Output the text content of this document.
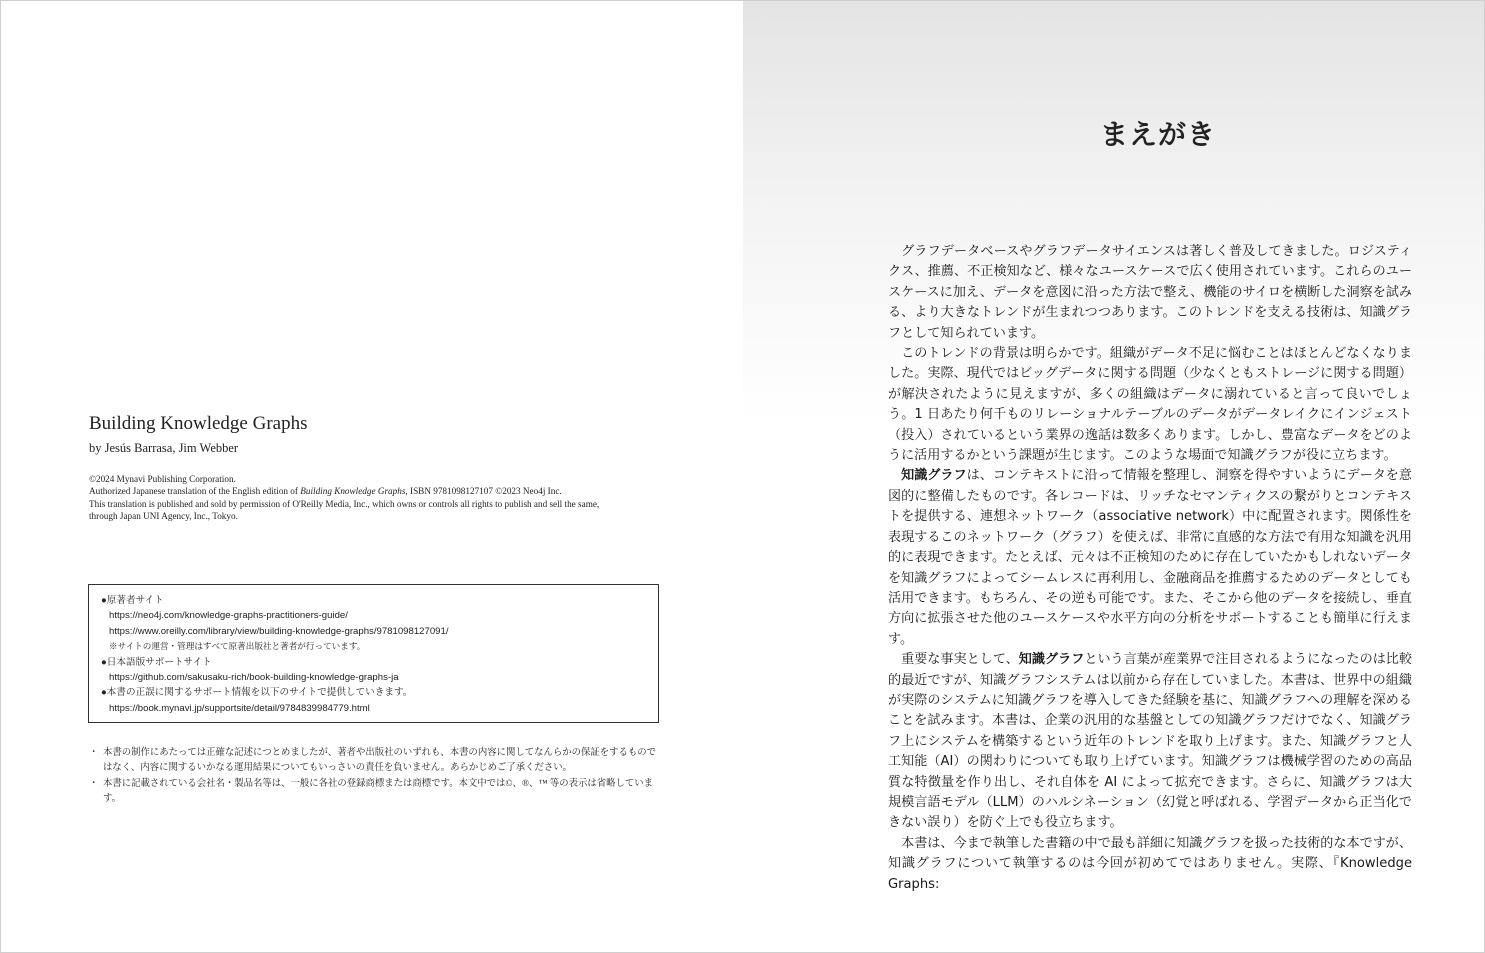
Building Knowledge Graphs
by Jesús Barrasa, Jim Webber
©2024 Mynavi Publishing Corporation.
Authorized Japanese translation of the English edition of Building Knowledge Graphs, ISBN 9781098127107 ©2023 Neo4j Inc.
This translation is published and sold by permission of O'Reilly Media, Inc., which owns or controls all rights to publish and sell the same,
through Japan UNI Agency, Inc., Tokyo.
●原著者サイト
https://neo4j.com/knowledge-graphs-practitioners-guide/
https://www.oreilly.com/library/view/building-knowledge-graphs/9781098127091/
※サイトの運営・管理はすべて原著出版社と著者が行っています。
●日本語版サポートサイト
https://github.com/sakusaku-rich/book-building-knowledge-graphs-ja
●本書の正誤に関するサポート情報を以下のサイトで提供していきます。
https://book.mynavi.jp/supportsite/detail/9784839984779.html
・ 本書の制作にあたっては正確な記述につとめましたが、著者や出版社のいずれも、本書の内容に関してなんらかの保証をするものではなく、内容に関するいかなる運用結果についてもいっさいの責任を負いません。あらかじめご了承ください。
・ 本書に記載されている会社名・製品名等は、一般に各社の登録商標または商標です。本文中では©、®、™ 等の表示は省略しています。
まえがき

グラフデータベースやグラフデータサイエンスは著しく普及してきました。ロジスティクス、推薦、不正検知など、様々なユースケースで広く使用されています。これらのユースケースに加え、データを意図に沿った方法で整え、機能のサイロを横断した洞察を試みる、より大きなトレンドが生まれつつあります。このトレンドを支える技術は、知識グラフとして知られています。

このトレンドの背景は明らかです。組織がデータ不足に悩むことはほとんどなくなりました。実際、現代ではビッグデータに関する問題（少なくともストレージに関する問題）が解決されたように見えますが、多くの組織はデータに溺れていると言って良いでしょう。1 日あたり何千ものリレーショナルテーブルのデータがデータレイクにインジェスト（投入）されているという業界の逸話は数多くあります。しかし、豊富なデータをどのように活用するかという課題が生じます。このような場面で知識グラフが役に立ちます。

知識グラフは、コンテキストに沿って情報を整理し、洞察を得やすいようにデータを意図的に整備したものです。各レコードは、リッチなセマンティクスの繋がりとコンテキストを提供する、連想ネットワーク（associative network）中に配置されます。関係性を表現するこのネットワーク（グラフ）を使えば、非常に直感的な方法で有用な知識を汎用的に表現できます。たとえば、元々は不正検知のために存在していたかもしれないデータを知識グラフによってシームレスに再利用し、金融商品を推薦するためのデータとしても活用できます。もちろん、その逆も可能です。また、そこから他のデータを接続し、垂直方向に拡張させた他のユースケースや水平方向の分析をサポートすることも簡単に行えます。

重要な事実として、知識グラフという言葉が産業界で注目されるようになったのは比較的最近ですが、知識グラフシステムは以前から存在していました。本書は、世界中の組織が実際のシステムに知識グラフを導入してきた経験を基に、知識グラフへの理解を深めることを試みます。本書は、企業の汎用的な基盤としての知識グラフだけでなく、知識グラフ上にシステムを構築するという近年のトレンドを取り上げます。また、知識グラフと人工知能（AI）の関わりについても取り上げています。知識グラフは機械学習のための高品質な特徴量を作り出し、それ自体を AI によって拡充できます。さらに、知識グラフは大規模言語モデル（LLM）のハルシネーション（幻覚と呼ばれる、学習データから正当化できない誤り）を防ぐ上でも役立ちます。

本書は、今まで執筆した書籍の中で最も詳細に知識グラフを扱った技術的な本ですが、知識グラフについて執筆するのは今回が初めてではありません。実際、『Knowledge Graphs:
